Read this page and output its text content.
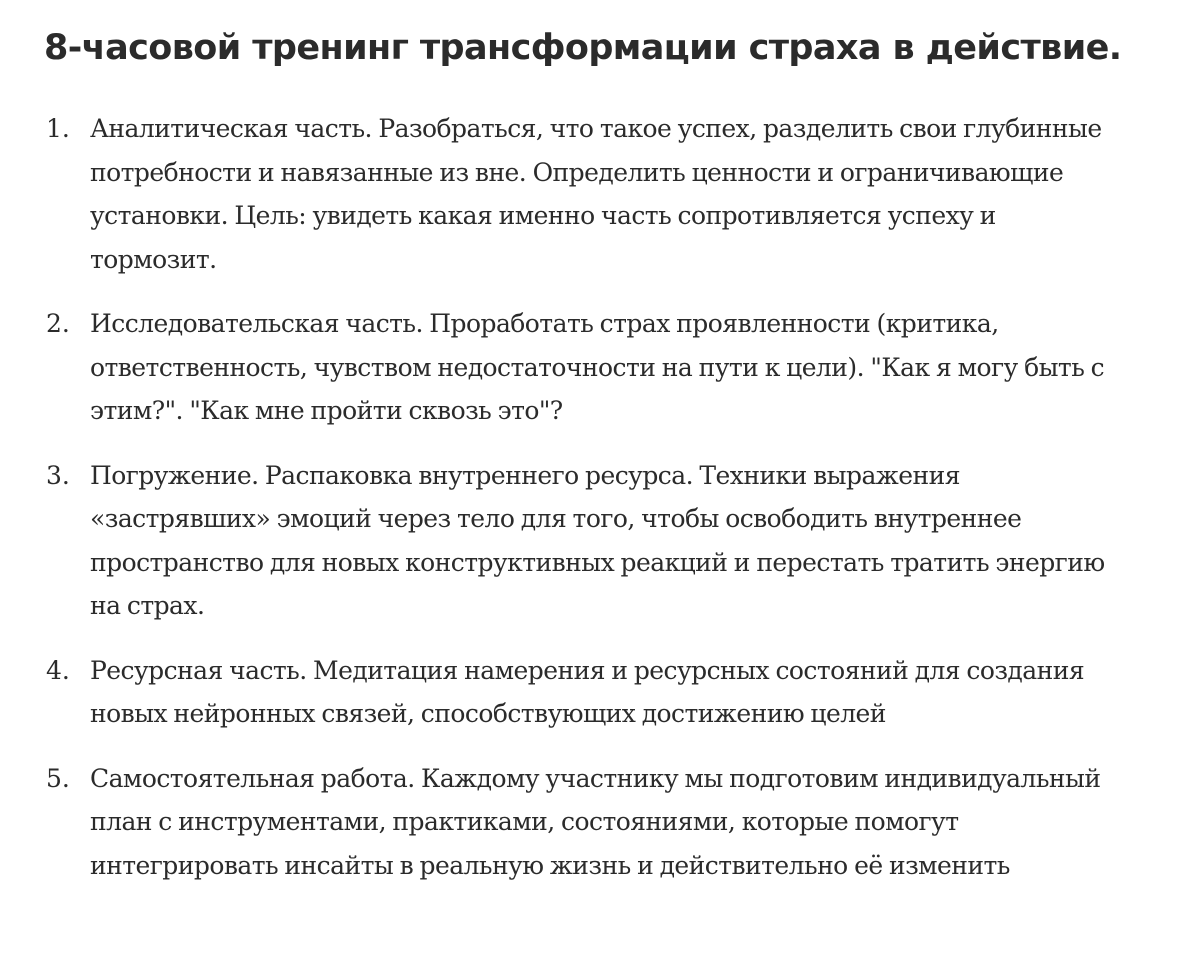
8-часовой тренинг трансформации страха в действие.
1. Аналитическая часть. Разобраться, что такое успех, разделить свои глубинные потребности и навязанные из вне. Определить ценности и ограничивающие установки. Цель: увидеть какая именно часть сопротивляется успеху и тормозит.
2. Исследовательская часть. Проработать страх проявленности (критика, ответственность, чувством недостаточности на пути к цели). "Как я могу быть с этим?". "Как мне пройти сквозь это"?
3. Погружение. Распаковка внутреннего ресурса. Техники выражения «застрявших» эмоций через тело для того, чтобы освободить внутреннее пространство для новых конструктивных реакций и перестать тратить энергию на страх.
4. Ресурсная часть. Медитация намерения и ресурсных состояний для создания новых нейронных связей, способствующих достижению целей
5. Самостоятельная работа. Каждому участнику мы подготовим индивидуальный план с инструментами, практиками, состояниями, которые помогут интегрировать инсайты в реальную жизнь и действительно её изменить
